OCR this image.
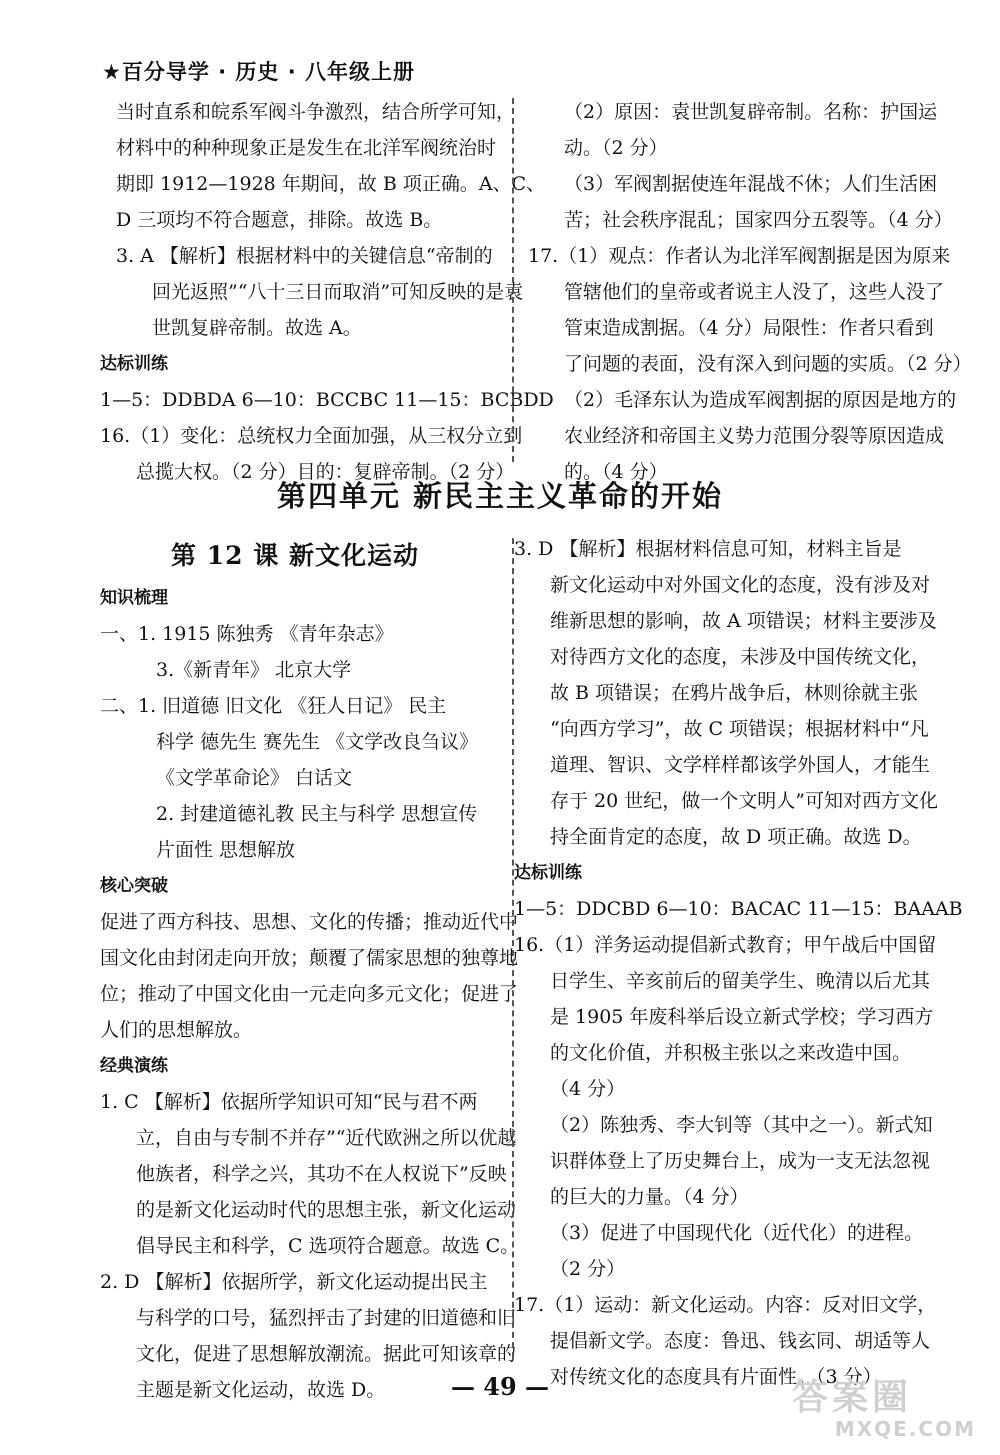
★百分导学 · 历史 · 八年级上册

当时直系和皖系军阀斗争激烈，结合所学可知，

材料中的种种现象正是发生在北洋军阀统治时

期即 1912—1928 年期间，故 B 项正确。A、C、

D 三项均不符合题意，排除。故选 B。

3. A 【解析】根据材料中的关键信息“帝制的

回光返照”“八十三日而取消”可知反映的是袁

世凯复辟帝制。故选 A。

达标训练

1—5：DDBDA 6—10：BCCBC 11—15：BCBDD

16.（1）变化：总统权力全面加强，从三权分立到

总揽大权。（2 分）目的：复辟帝制。（2 分）

（2）原因：袁世凯复辟帝制。名称：护国运

动。（2 分）

（3）军阀割据使连年混战不休；人们生活困

苦；社会秩序混乱；国家四分五裂等。（4 分）

17.（1）观点：作者认为北洋军阀割据是因为原来

管辖他们的皇帝或者说主人没了，这些人没了

管束造成割据。（4 分）局限性：作者只看到

了问题的表面，没有深入到问题的实质。（2 分）

（2）毛泽东认为造成军阀割据的原因是地方的

农业经济和帝国主义势力范围分裂等原因造成

的。（4 分）

第四单元 新民主主义革命的开始
第 12 课 新文化运动

知识梳理

一、1. 1915 陈独秀 《青年杂志》

3.《新青年》 北京大学

二、1. 旧道德 旧文化 《狂人日记》 民主

科学 德先生 赛先生 《文学改良刍议》

《文学革命论》 白话文

2. 封建道德礼教 民主与科学 思想宣传

片面性 思想解放

核心突破

促进了西方科技、思想、文化的传播；推动近代中

国文化由封闭走向开放；颠覆了儒家思想的独尊地

位；推动了中国文化由一元走向多元文化；促进了

人们的思想解放。

经典演练

1. C 【解析】依据所学知识可知“民与君不两

立，自由与专制不并存”“近代欧洲之所以优越

他族者，科学之兴，其功不在人权说下”反映

的是新文化运动时代的思想主张，新文化运动

倡导民主和科学，C 选项符合题意。故选 C。

2. D 【解析】依据所学，新文化运动提出民主

与科学的口号，猛烈抨击了封建的旧道德和旧

文化，促进了思想解放潮流。据此可知该章的

主题是新文化运动，故选 D。

3. D 【解析】根据材料信息可知，材料主旨是

新文化运动中对外国文化的态度，没有涉及对

维新思想的影响，故 A 项错误；材料主要涉及

对待西方文化的态度，未涉及中国传统文化，

故 B 项错误；在鸦片战争后，林则徐就主张

“向西方学习”，故 C 项错误；根据材料中“凡

道理、智识、文学样样都该学外国人，才能生

存于 20 世纪，做一个文明人”可知对西方文化

持全面肯定的态度，故 D 项正确。故选 D。

达标训练

1—5：DDCBD 6—10：BACAC 11—15：BAAAB

16.（1）洋务运动提倡新式教育；甲午战后中国留

日学生、辛亥前后的留美学生、晚清以后尤其

是 1905 年废科举后设立新式学校；学习西方

的文化价值，并积极主张以之来改造中国。

（4 分）

（2）陈独秀、李大钊等（其中之一）。新式知

识群体登上了历史舞台上，成为一支无法忽视

的巨大的力量。（4 分）

（3）促进了中国现代化（近代化）的进程。

（2 分）

17.（1）运动：新文化运动。内容：反对旧文学，

提倡新文学。态度：鲁迅、钱玄同、胡适等人

对传统文化的态度具有片面性。（3 分）

— 49 —	答案圈
MXQE.COM
